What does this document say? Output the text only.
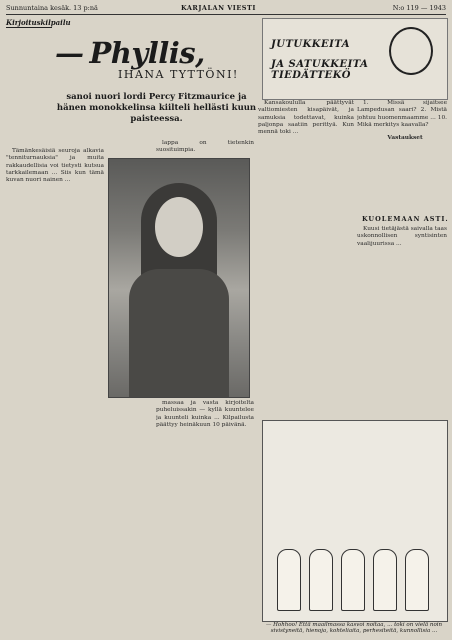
Sunnuntaina kesäk. 13 p:nä	KARJALAN VIESTI	N:o 119 — 1943
Kirjoituskilpailu
— Phyllis,
IHANA TYTTÖNI!
sanoi nuori lordi Percy Fitzmaurice ja hänen monokkelinsa kiilteli hellästi kuun paisteessa.

Tämänkesäisiä seuroja alkavia "tenniturnauksia" ja muita rakkaudellisia voi tietysti kutsua tarkkailemaan ... Siis kun tämä kuvan nuori nainen ...

lappa on tietenkin suosituimpia.

massaa ja vasta kirjoitelta puheluissakin — kyllä kuuntelee ja kuunteli kuinka ... Kilpailusta päättyy heinäkuun 10 päivänä.

JUTUKKEITA
JA SATUKKEITA TIEDÄTTEKÖ

Kansakoululla päättyvät valtiomiesten kisapäivät, ja samuksia todettavat, kuinka paljonpa saatiin perittyä. Kun mennä toki ...

1. Missä sijaitsee Lampedusan saari? 2. Mistä johtuu huomenmaamme ... 10. Mikä merkitys kaavalla?

Vastaukset

KUOLEMAAN ASTI.

Kuusi tietäjästä saivalla taas uskonnollisen syntisinten vaalijuurissa ...

— Hohhoo! Että maailmassa kasvoi noitaa, ... toki on vielä noin sivistyneitä, hienoja, kohteliaita, perhesiteitä, kunnollisia ...
